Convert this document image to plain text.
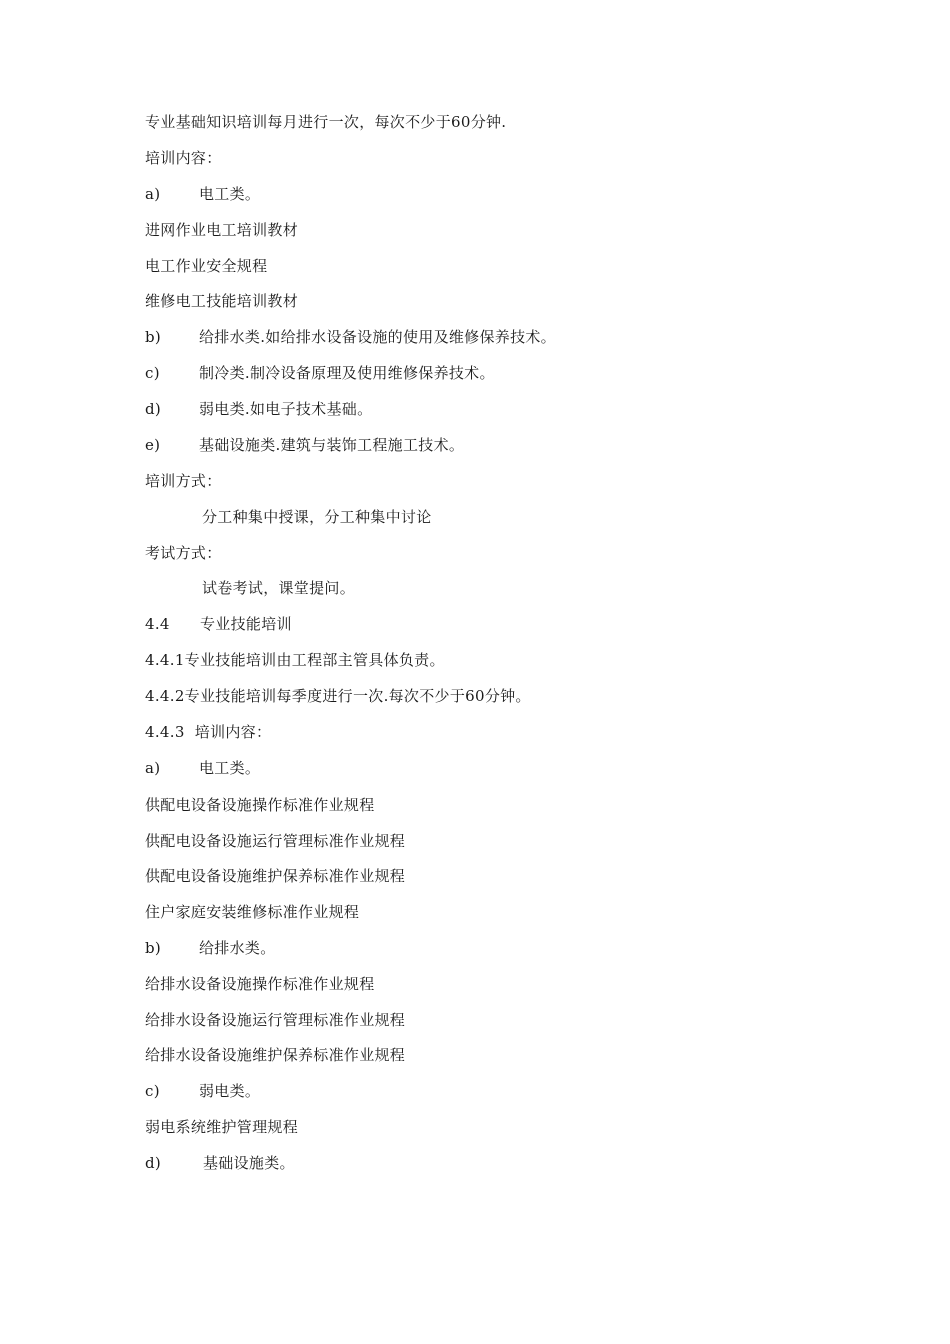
专业基础知识培训每月进行一次，每次不少于60分钟.
培训内容：
a)	电工类。
进网作业电工培训教材
电工作业安全规程
维修电工技能培训教材
b)	给排水类.如给排水设备设施的使用及维修保养技术。
c)	制冷类.制冷设备原理及使用维修保养技术。
d)	弱电类.如电子技术基础。
e)	基础设施类.建筑与装饰工程施工技术。
培训方式：
分工种集中授课，分工种集中讨论
考试方式：
试卷考试，课堂提问。
4.4 专业技能培训
4.4.1专业技能培训由工程部主管具体负责。
4.4.2专业技能培训每季度进行一次.每次不少于60分钟。
4.4.3  培训内容：
a)	电工类。
供配电设备设施操作标准作业规程
供配电设备设施运行管理标准作业规程
供配电设备设施维护保养标准作业规程
住户家庭安装维修标准作业规程
b)	给排水类。
给排水设备设施操作标准作业规程
给排水设备设施运行管理标准作业规程
给排水设备设施维护保养标准作业规程
c)	弱电类。
弱电系统维护管理规程
d)	基础设施类。
